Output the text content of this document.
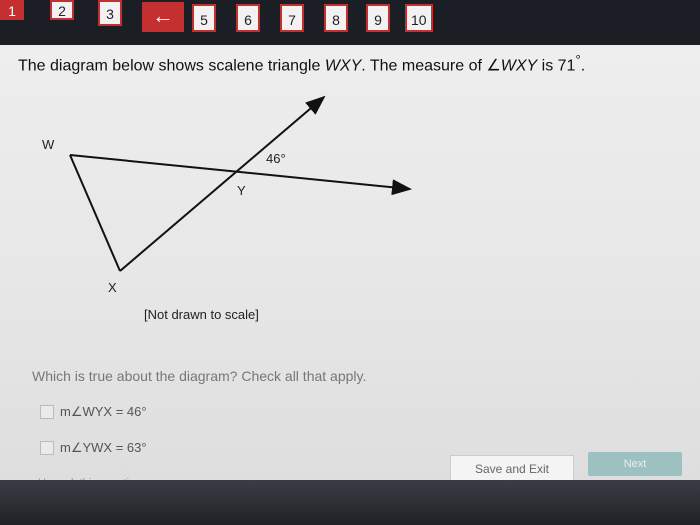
1	2	3	←	5	6	7	8	9	10
The diagram below shows scalene triangle WXY. The measure of ∠WXY is 71°.
W
X
Y
46°
[Not drawn to scale]
Which is true about the diagram? Check all that apply.
m∠WYX = 46°
m∠YWX = 63°
Save and Exit	Next
